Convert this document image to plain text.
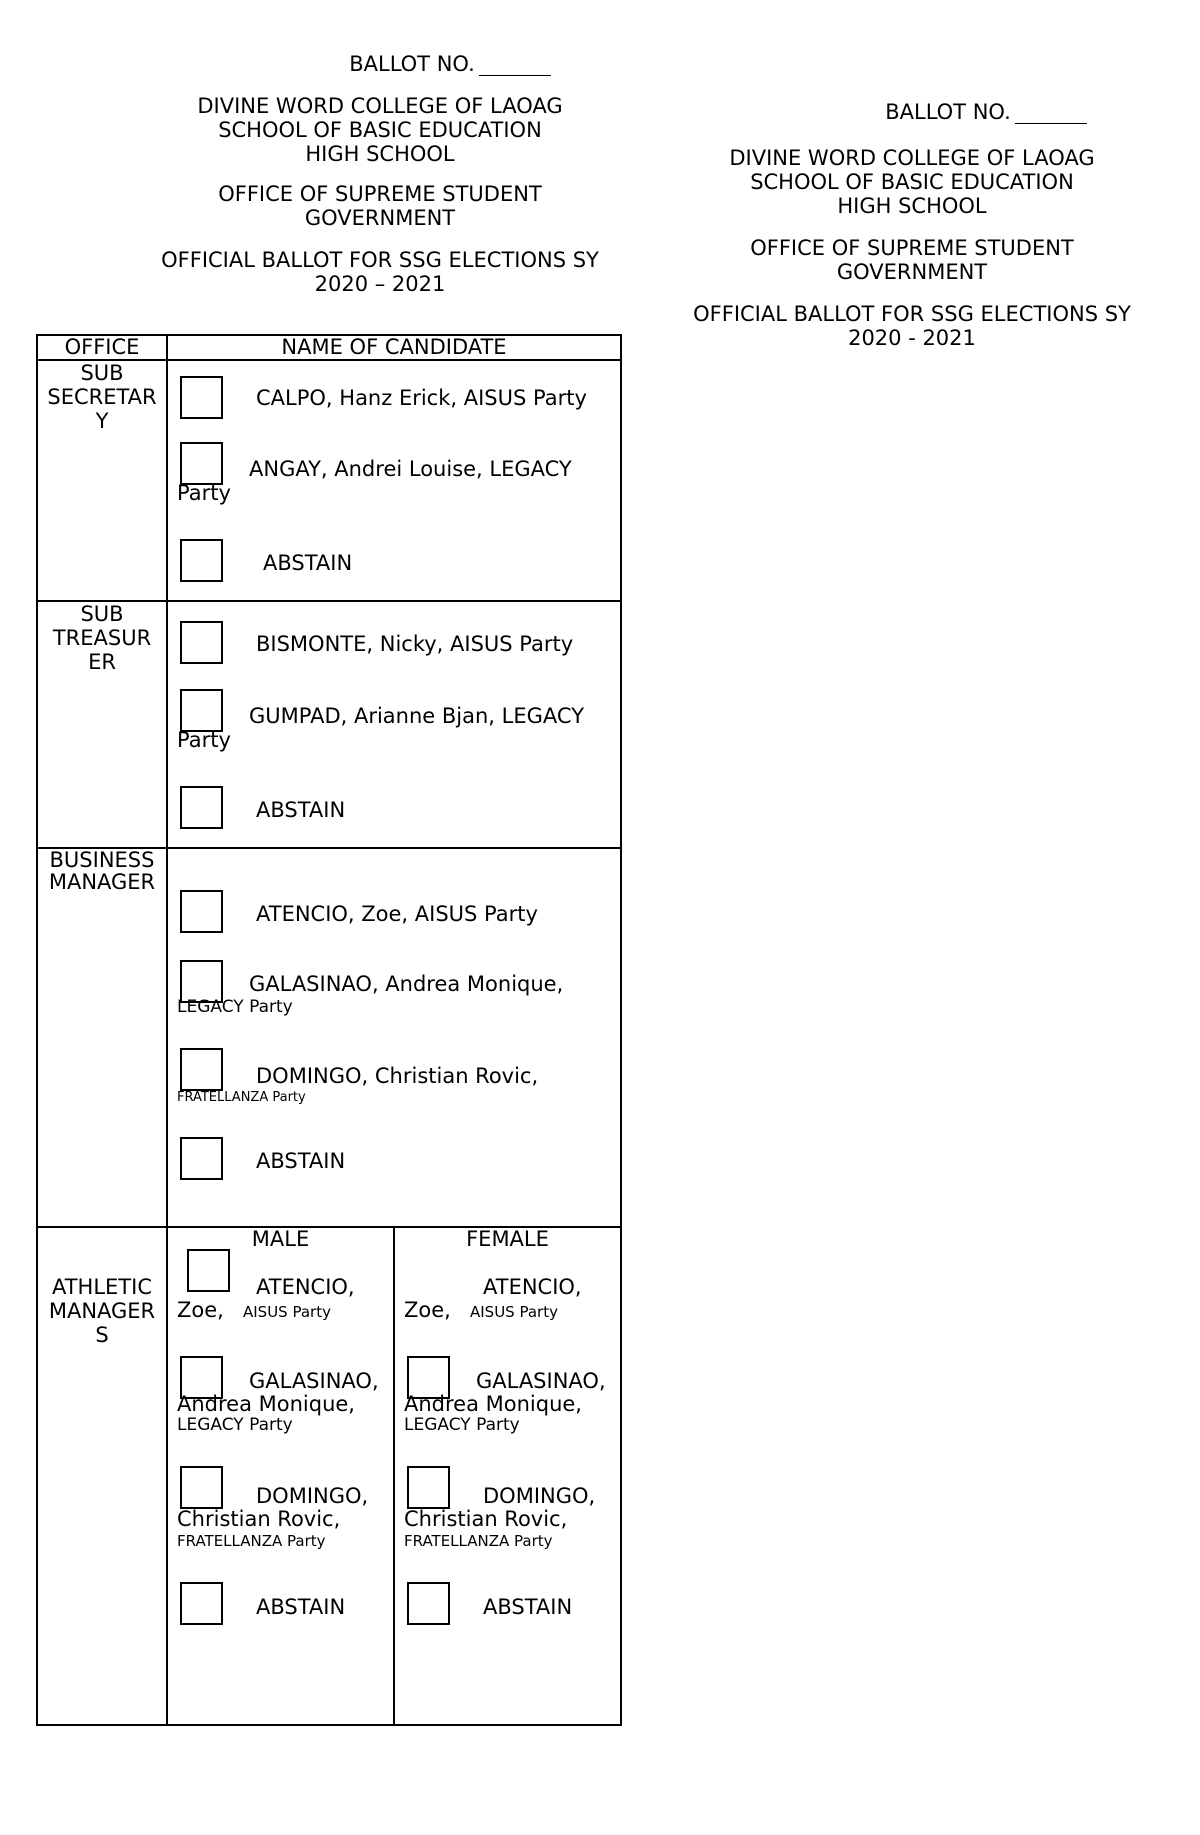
BALLOT NO.
DIVINE WORD COLLEGE OF LAOAG
SCHOOL OF BASIC EDUCATION
HIGH SCHOOL
OFFICE OF SUPREME STUDENT
GOVERNMENT
OFFICIAL BALLOT FOR SSG ELECTIONS SY
2020 – 2021
BALLOT NO.
DIVINE WORD COLLEGE OF LAOAG
SCHOOL OF BASIC EDUCATION
HIGH SCHOOL
OFFICE OF SUPREME STUDENT
GOVERNMENT
OFFICIAL BALLOT FOR SSG ELECTIONS SY
2020 - 2021
OFFICE	NAME OF CANDIDATE
SUB
SECRETAR
Y
CALPO, Hanz Erick, AISUS Party
ANGAY, Andrei Louise, LEGACY
Party
ABSTAIN
SUB
TREASUR
ER
BISMONTE, Nicky, AISUS Party
GUMPAD, Arianne Bjan, LEGACY
Party
ABSTAIN
BUSINESS
MANAGER
ATENCIO, Zoe, AISUS Party
GALASINAO, Andrea Monique,
LEGACY Party
DOMINGO, Christian Rovic,
FRATELLANZA Party
ABSTAIN
ATHLETIC
MANAGER
S
MALE	FEMALE
ATENCIO,
Zoe, AISUS Party
GALASINAO,
Andrea Monique,
LEGACY Party
DOMINGO,
Christian Rovic,
FRATELLANZA Party
ABSTAIN
ATENCIO,
Zoe, AISUS Party
GALASINAO,
Andrea Monique,
LEGACY Party
DOMINGO,
Christian Rovic,
FRATELLANZA Party
ABSTAIN
